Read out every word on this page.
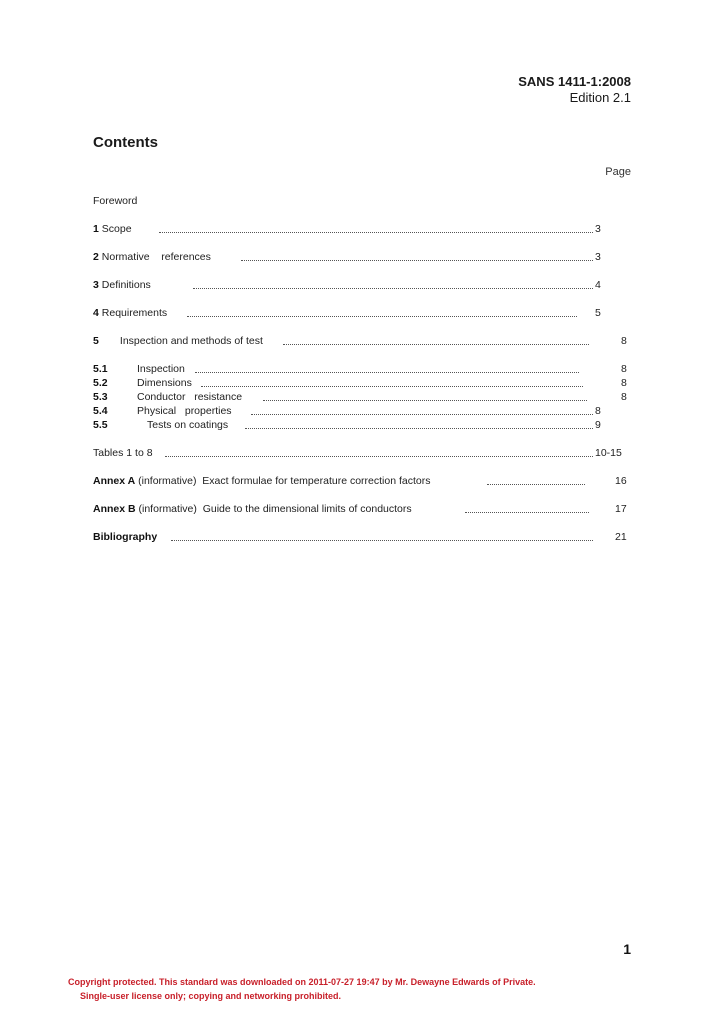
SANS 1411-1:2008
Edition 2.1
Contents
Page
Foreword
1 Scope	3
2 Normative    references	3
3 Definitions	4
4 Requirements	5
5 Inspection and methods of test	8
5.1	Inspection	8
5.2	Dimensions	8
5.3	Conductor   resistance	8
5.4	Physical   properties	8
5.5	Tests on coatings	9
Tables 1 to 8	10-15
Annex A (informative)  Exact formulae for temperature correction factors	16
Annex B (informative)  Guide to the dimensional limits of conductors	17
Bibliography	21
1
Copyright protected. This standard was downloaded on 2011-07-27 19:47 by Mr. Dewayne Edwards of Private.
Single-user license only; copying and networking prohibited.
